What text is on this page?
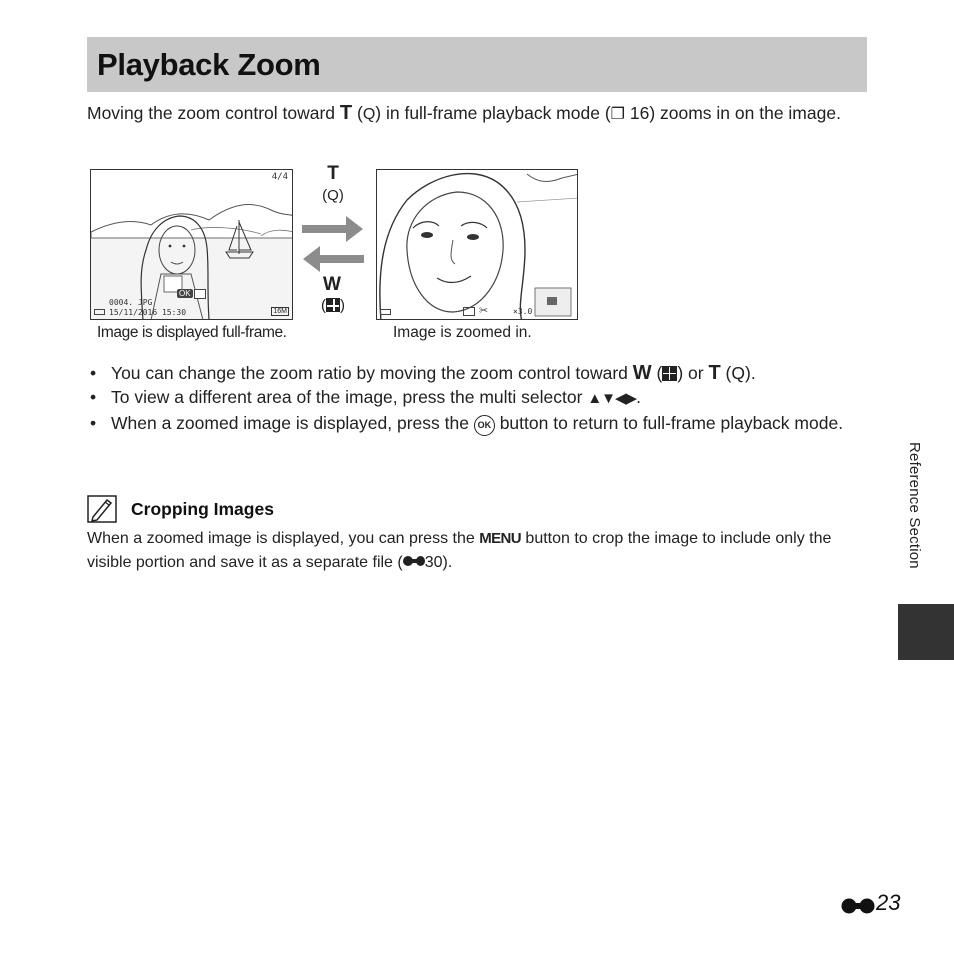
Playback Zoom
Moving the zoom control toward T (Q) in full-frame playback mode (❐ 16) zooms in on the image.
4/4
OK
0004. JPG
15/11/2016 15:30	16M
T
(Q)
W
( )	✂	×3.0
Image is displayed full-frame.	Image is zoomed in.
• You can change the zoom ratio by moving the zoom control toward W ( ) or T (Q).
• To view a different area of the image, press the multi selector ▲▼◀▶.
• When a zoomed image is displayed, press the OK button to return to full-frame playback mode.
Cropping Images
When a zoomed image is displayed, you can press the MENU button to crop the image to include only the visible portion and save it as a separate file ( 30).	Reference Section
23
